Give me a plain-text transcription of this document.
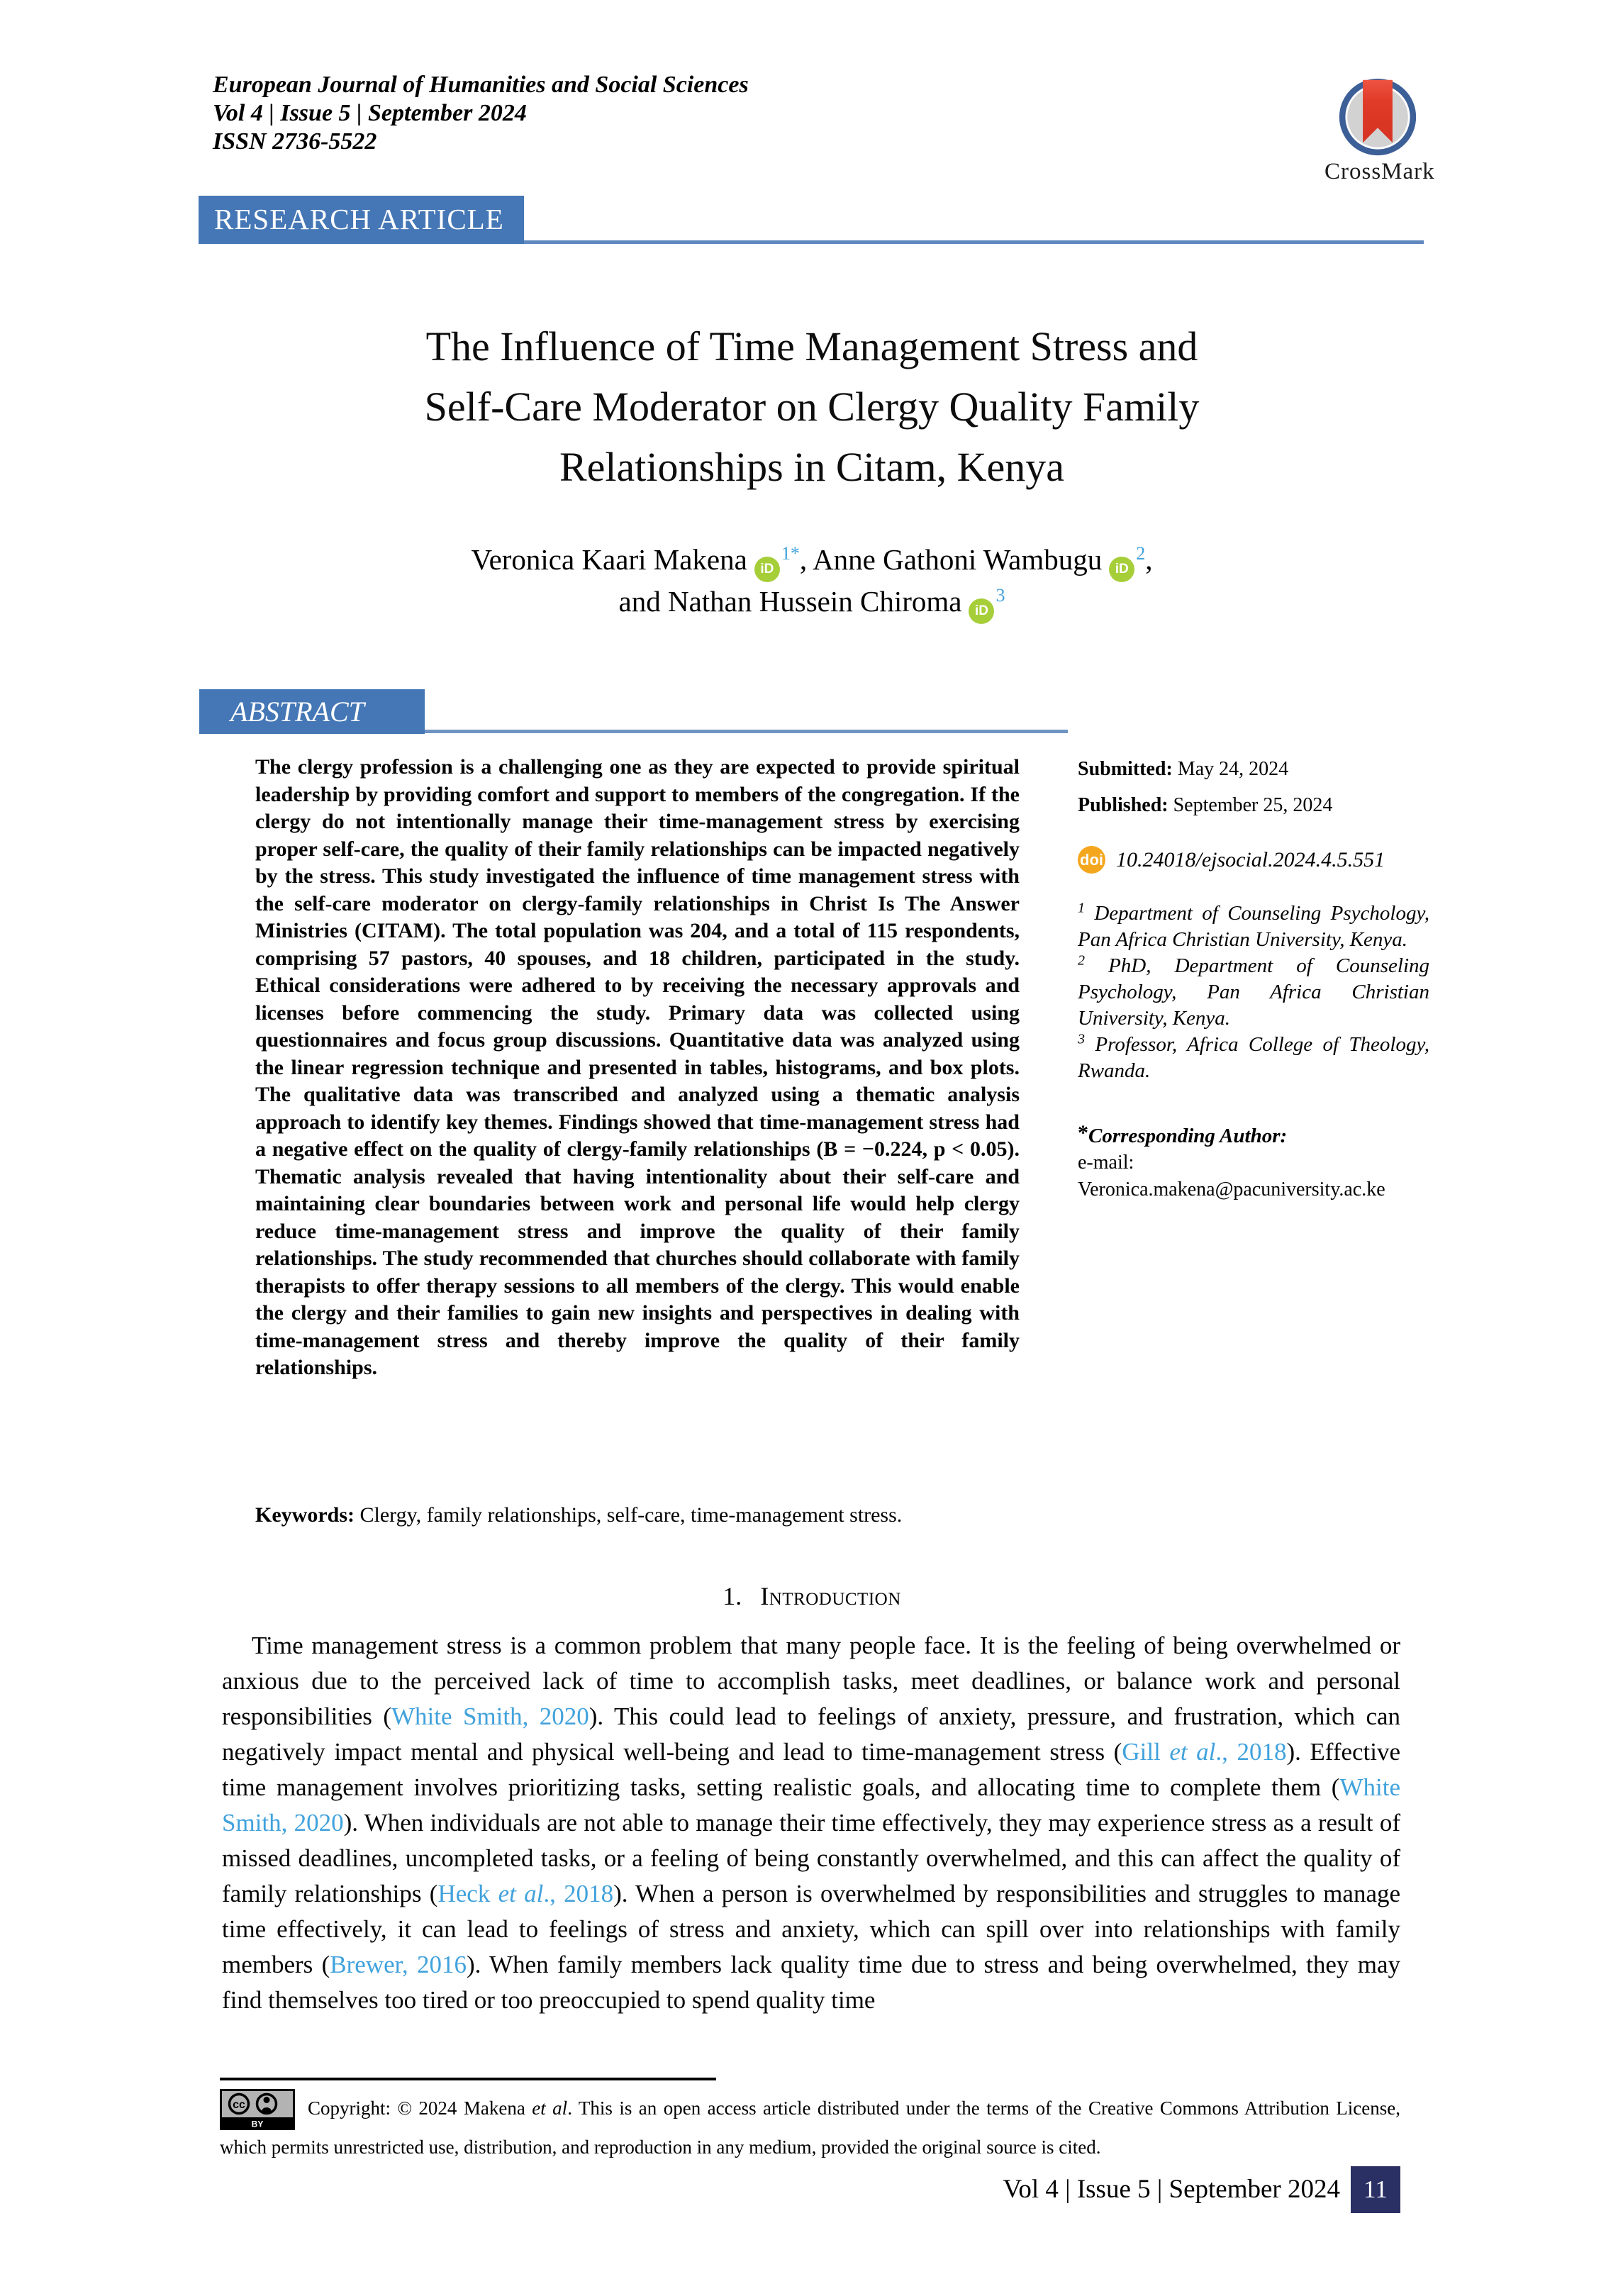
European Journal of Humanities and Social Sciences
Vol 4 | Issue 5 | September 2024
ISSN 2736-5522
CrossMark
RESEARCH ARTICLE
The Influence of Time Management Stress and
Self-Care Moderator on Clergy Quality Family
Relationships in Citam, Kenya
Veronica Kaari Makena $iD^{1*}$, Anne Gathoni Wambugu $iD^2$,
and Nathan Hussein Chiroma $iD^3$
ABSTRACT
The clergy profession is a challenging one as they are expected to provide spiritual leadership by providing comfort and support to members of the congregation. If the clergy do not intentionally manage their time-management stress by exercising proper self-care, the quality of their family relationships can be impacted negatively by the stress. This study investigated the influence of time management stress with the self-care moderator on clergy-family relationships in Christ Is The Answer Ministries (CITAM). The total population was 204, and a total of 115 respondents, comprising 57 pastors, 40 spouses, and 18 children, participated in the study. Ethical considerations were adhered to by receiving the necessary approvals and licenses before commencing the study. Primary data was collected using questionnaires and focus group discussions. Quantitative data was analyzed using the linear regression technique and presented in tables, histograms, and box plots. The qualitative data was transcribed and analyzed using a thematic analysis approach to identify key themes. Findings showed that time-management stress had a negative effect on the quality of clergy-family relationships (B = −0.224, p < 0.05). Thematic analysis revealed that having intentionality about their self-care and maintaining clear boundaries between work and personal life would help clergy reduce time-management stress and improve the quality of their family relationships. The study recommended that churches should collaborate with family therapists to offer therapy sessions to all members of the clergy. This would enable the clergy and their families to gain new insights and perspectives in dealing with time-management stress and thereby improve the quality of their family relationships.
Keywords: Clergy, family relationships, self-care, time-management stress.
Submitted: May 24, 2024
Published: September 25, 2024
doi 10.24018/ejsocial.2024.4.5.551
$^1$ Department of Counseling Psychology, Pan Africa Christian University, Kenya.
$^2$ PhD, Department of Counseling Psychology, Pan Africa Christian University, Kenya.
$^3$ Professor, Africa College of Theology, Rwanda.
*Corresponding Author:
e-mail: Veronica.makena@pacuniversity.ac.ke
1. Introduction
Time management stress is a common problem that many people face. It is the feeling of being overwhelmed or anxious due to the perceived lack of time to accomplish tasks, meet deadlines, or balance work and personal responsibilities (White Smith, 2020). This could lead to feelings of anxiety, pressure, and frustration, which can negatively impact mental and physical well-being and lead to time-management stress (Gill et al., 2018). Effective time management involves prioritizing tasks, setting realistic goals, and allocating time to complete them (White Smith, 2020). When individuals are not able to manage their time effectively, they may experience stress as a result of missed deadlines, uncompleted tasks, or a feeling of being constantly overwhelmed, and this can affect the quality of family relationships (Heck et al., 2018). When a person is overwhelmed by responsibilities and struggles to manage time effectively, it can lead to feelings of stress and anxiety, which can spill over into relationships with family members (Brewer, 2016). When family members lack quality time due to stress and being overwhelmed, they may find themselves too tired or too preoccupied to spend quality time
BY
cc	Copyright: © 2024 Makena et al. This is an open access article distributed under the terms of the Creative Commons Attribution License, which permits unrestricted use, distribution, and reproduction in any medium, provided the original source is cited.
Vol 4 | Issue 5 | September 2024 11
